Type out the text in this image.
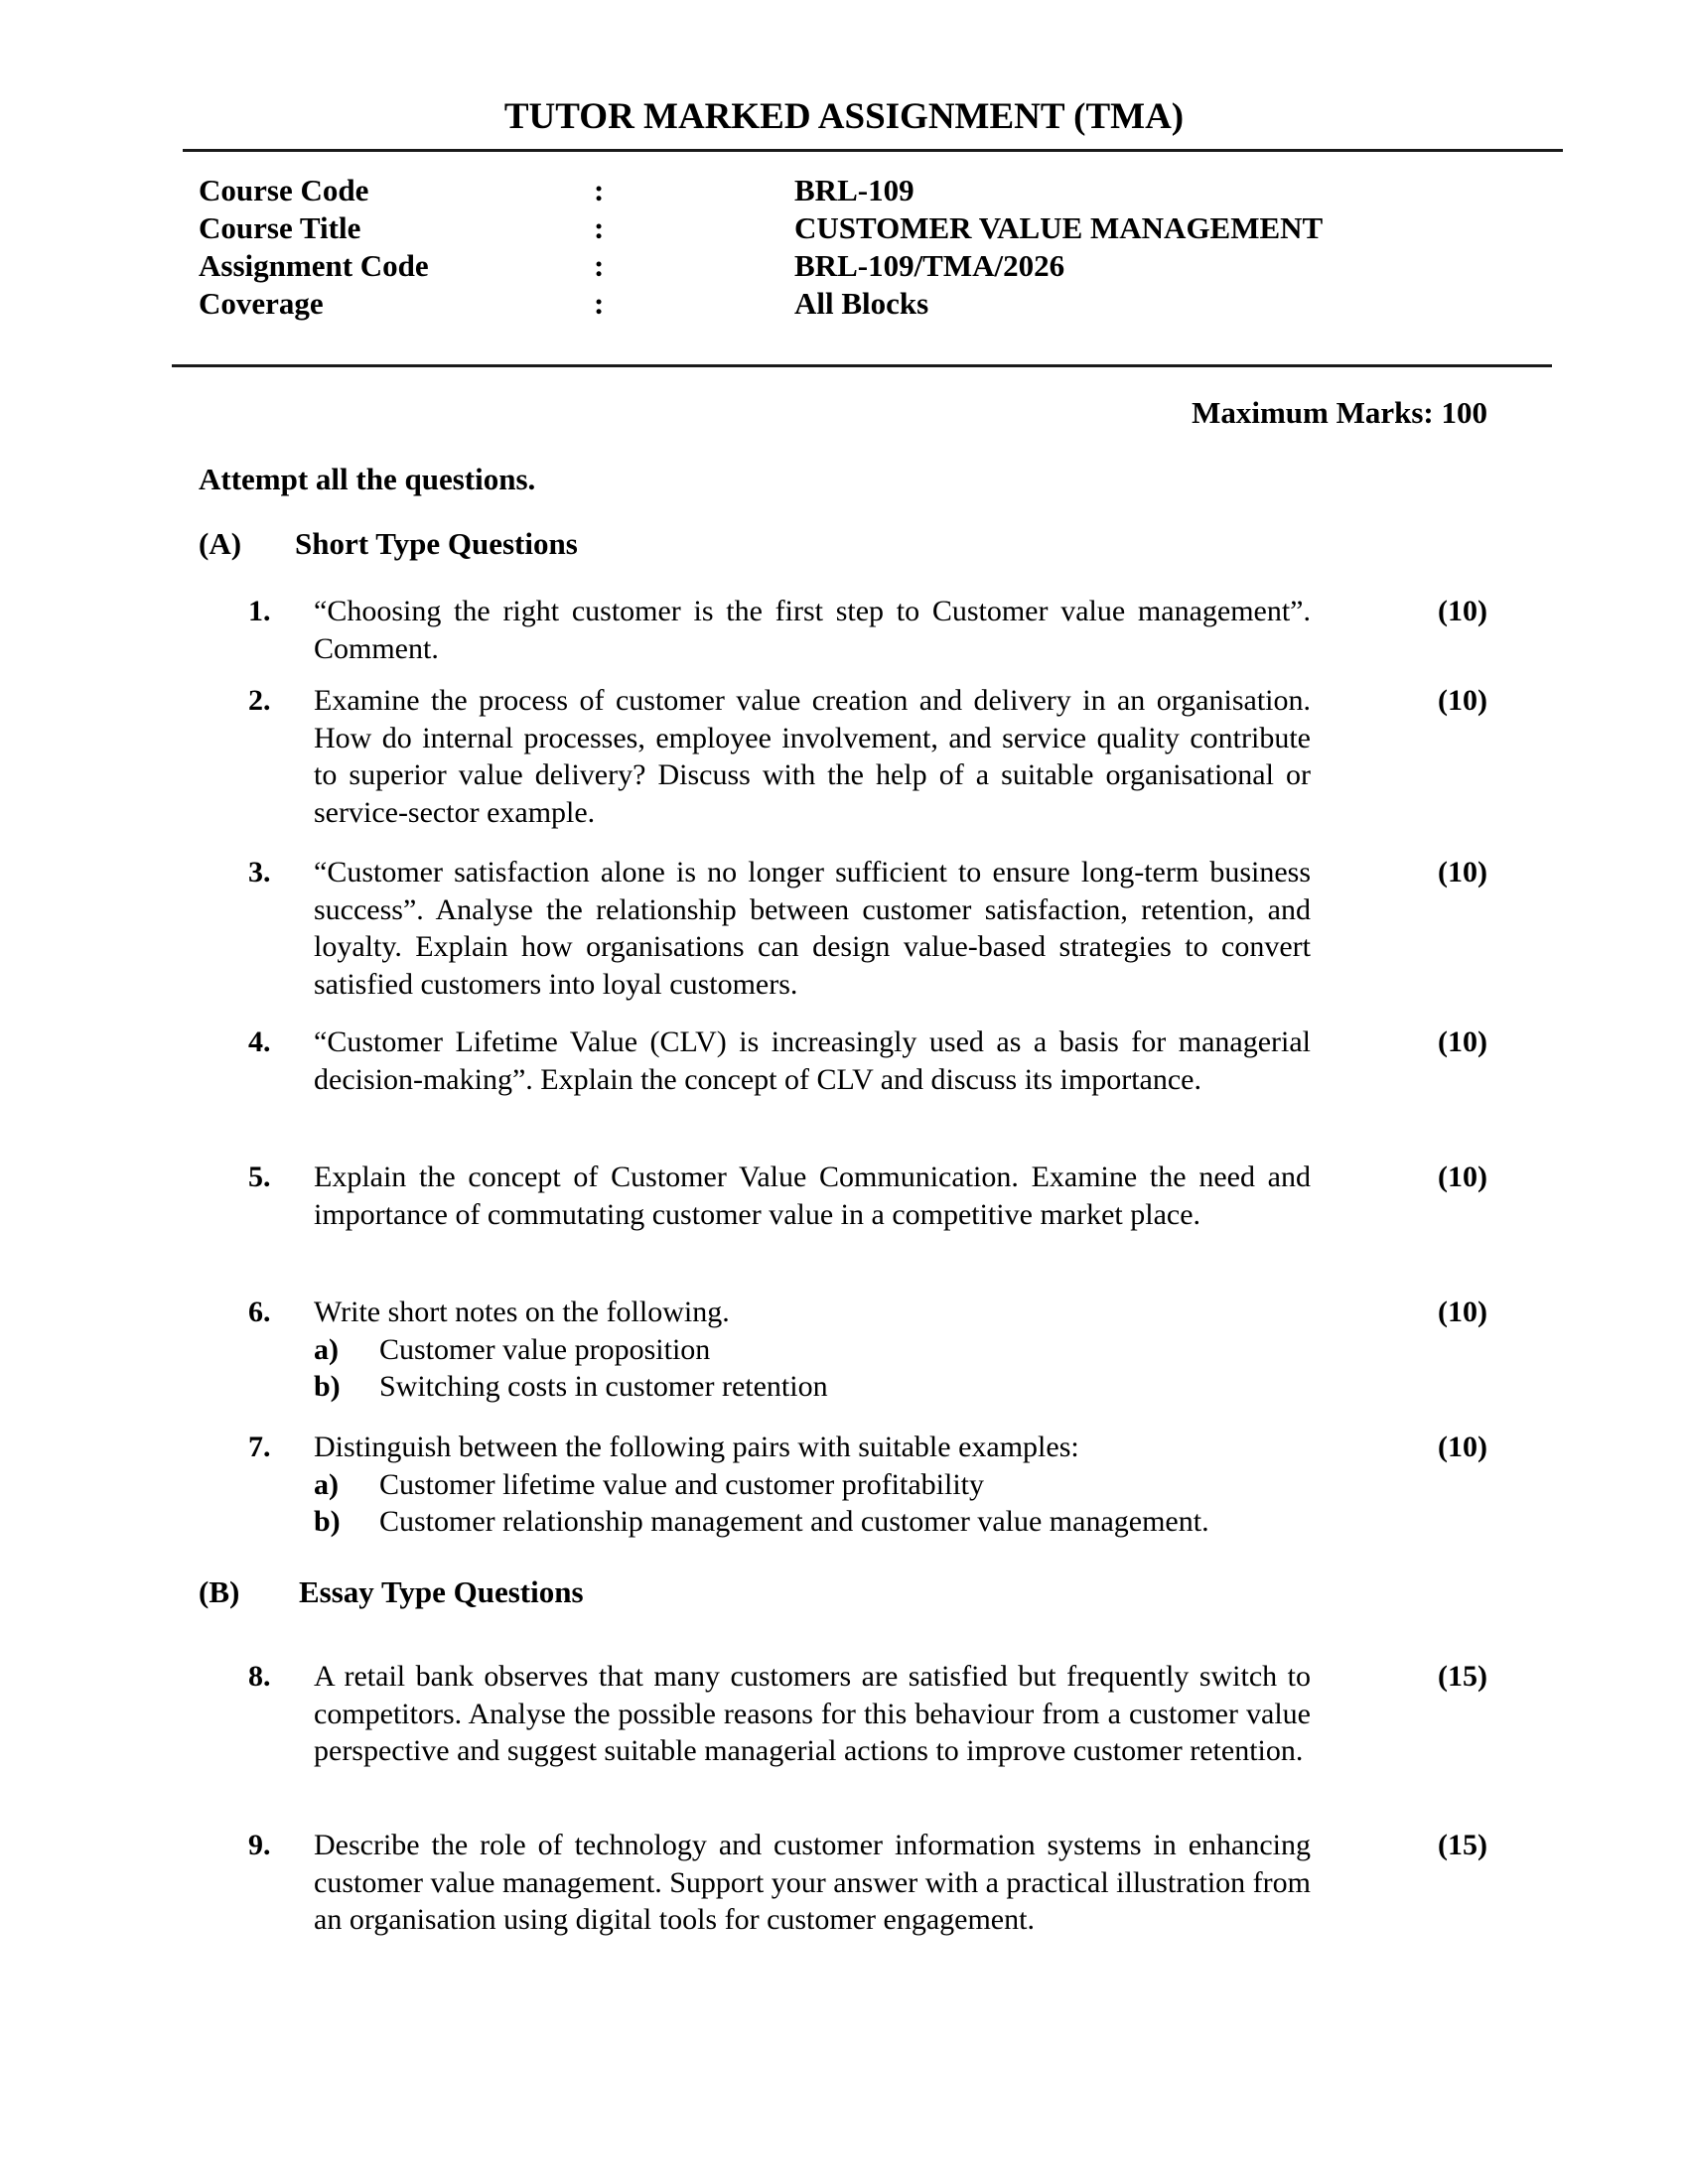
TUTOR MARKED ASSIGNMENT (TMA)
Course Code	:	BRL-109
Course Title	:	CUSTOMER VALUE MANAGEMENT
Assignment Code	:	BRL-109/TMA/2026
Coverage	:	All Blocks
Maximum Marks: 100
Attempt all the questions.
(A) Short Type Questions
1. “Choosing the right customer is the first step to Customer value management”. Comment.
(10)
2. Examine the process of customer value creation and delivery in an organisation. How do internal processes, employee involvement, and service quality contribute to superior value delivery? Discuss with the help of a suitable organisational or service-sector example.
(10)
3. “Customer satisfaction alone is no longer sufficient to ensure long-term business success”. Analyse the relationship between customer satisfaction, retention, and loyalty. Explain how organisations can design value-based strategies to convert satisfied customers into loyal customers.
(10)
4. “Customer Lifetime Value (CLV) is increasingly used as a basis for managerial decision-making”. Explain the concept of CLV and discuss its importance.
(10)
5. Explain the concept of Customer Value Communication. Examine the need and importance of commutating customer value in a competitive market place.
(10)
6. Write short notes on the following.
a) Customer value proposition
b) Switching costs in customer retention
(10)
7. Distinguish between the following pairs with suitable examples:
a) Customer lifetime value and customer profitability
b) Customer relationship management and customer value management.
(10)
(B) Essay Type Questions
8. A retail bank observes that many customers are satisfied but frequently switch to competitors. Analyse the possible reasons for this behaviour from a customer value perspective and suggest suitable managerial actions to improve customer retention.
(15)
9. Describe the role of technology and customer information systems in enhancing customer value management. Support your answer with a practical illustration from an organisation using digital tools for customer engagement.
(15)
